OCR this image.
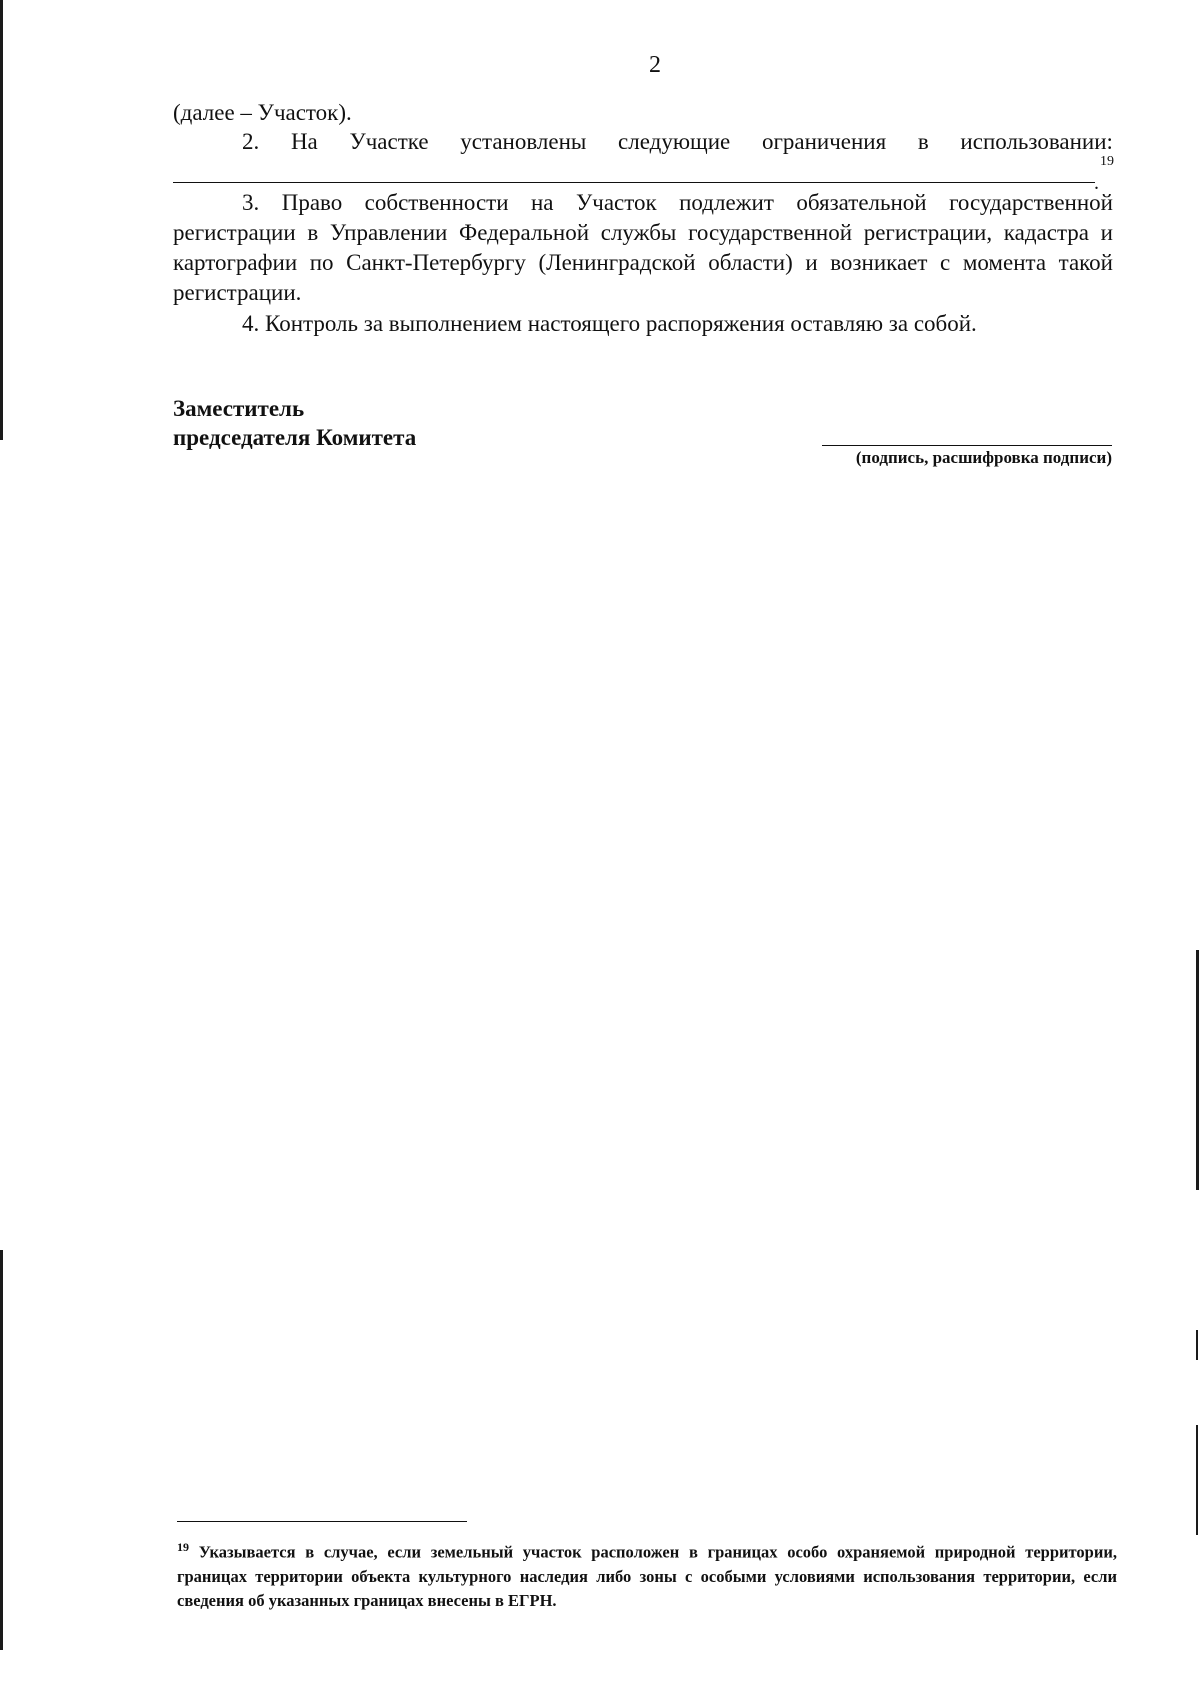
2
(далее – Участок).
2. На Участке установлены следующие ограничения в использовании:
.
19
3. Право собственности на Участок подлежит обязательной государственной регистрации в Управлении Федеральной службы государственной регистрации, кадастра и картографии по Санкт-Петербургу (Ленинградской области) и возникает с момента такой регистрации.
4. Контроль за выполнением настоящего распоряжения оставляю за собой.
Заместитель
председателя Комитета
(подпись, расшифровка подписи)
$^{19}$ Указывается в случае, если земельный участок расположен в границах особо охраняемой природной территории, границах территории объекта культурного наследия либо зоны с особыми условиями использования территории, если сведения об указанных границах внесены в ЕГРН.
